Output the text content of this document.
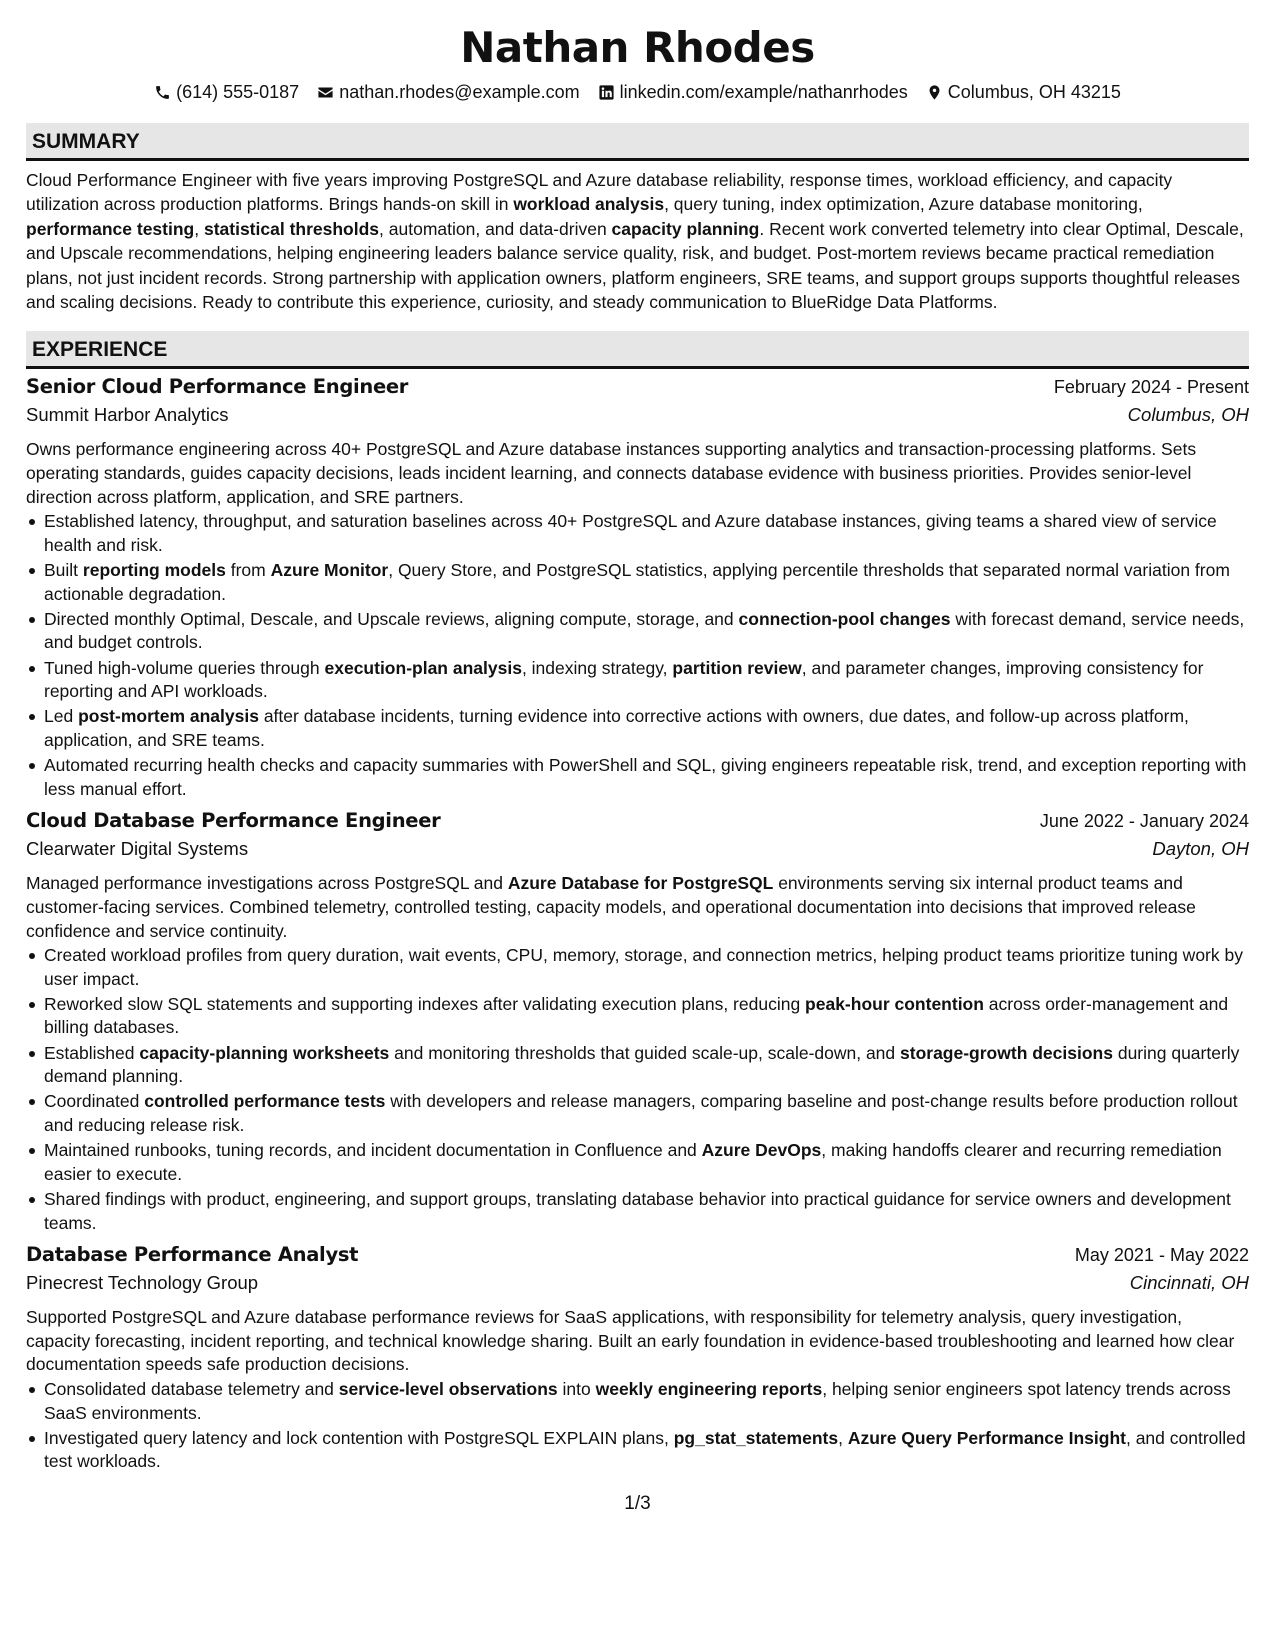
Nathan Rhodes
(614) 555-0187 nathan.rhodes@example.com linkedin.com/example/nathanrhodes Columbus, OH 43215
SUMMARY

Cloud Performance Engineer with five years improving PostgreSQL and Azure database reliability, response times, workload efficiency, and capacity utilization across production platforms. Brings hands-on skill in workload analysis, query tuning, index optimization, Azure database monitoring, performance testing, statistical thresholds, automation, and data-driven capacity planning. Recent work converted telemetry into clear Optimal, Descale, and Upscale recommendations, helping engineering leaders balance service quality, risk, and budget. Post-mortem reviews became practical remediation plans, not just incident records. Strong partnership with application owners, platform engineers, SRE teams, and support groups supports thoughtful releases and scaling decisions. Ready to contribute this experience, curiosity, and steady communication to BlueRidge Data Platforms.

EXPERIENCE
Senior Cloud Performance Engineer	February 2024 - Present
Summit Harbor Analytics	Columbus, OH

Owns performance engineering across 40+ PostgreSQL and Azure database instances supporting analytics and transaction-processing platforms. Sets operating standards, guides capacity decisions, leads incident learning, and connects database evidence with business priorities. Provides senior-level direction across platform, application, and SRE partners.

Established latency, throughput, and saturation baselines across 40+ PostgreSQL and Azure database instances, giving teams a shared view of service health and risk.
Built reporting models from Azure Monitor, Query Store, and PostgreSQL statistics, applying percentile thresholds that separated normal variation from actionable degradation.
Directed monthly Optimal, Descale, and Upscale reviews, aligning compute, storage, and connection-pool changes with forecast demand, service needs, and budget controls.
Tuned high-volume queries through execution-plan analysis, indexing strategy, partition review, and parameter changes, improving consistency for reporting and API workloads.
Led post-mortem analysis after database incidents, turning evidence into corrective actions with owners, due dates, and follow-up across platform, application, and SRE teams.
Automated recurring health checks and capacity summaries with PowerShell and SQL, giving engineers repeatable risk, trend, and exception reporting with less manual effort.
Cloud Database Performance Engineer	June 2022 - January 2024
Clearwater Digital Systems	Dayton, OH

Managed performance investigations across PostgreSQL and Azure Database for PostgreSQL environments serving six internal product teams and customer-facing services. Combined telemetry, controlled testing, capacity models, and operational documentation into decisions that improved release confidence and service continuity.

Created workload profiles from query duration, wait events, CPU, memory, storage, and connection metrics, helping product teams prioritize tuning work by user impact.
Reworked slow SQL statements and supporting indexes after validating execution plans, reducing peak-hour contention across order-management and billing databases.
Established capacity-planning worksheets and monitoring thresholds that guided scale-up, scale-down, and storage-growth decisions during quarterly demand planning.
Coordinated controlled performance tests with developers and release managers, comparing baseline and post-change results before production rollout and reducing release risk.
Maintained runbooks, tuning records, and incident documentation in Confluence and Azure DevOps, making handoffs clearer and recurring remediation easier to execute.
Shared findings with product, engineering, and support groups, translating database behavior into practical guidance for service owners and development teams.
Database Performance Analyst	May 2021 - May 2022
Pinecrest Technology Group	Cincinnati, OH

Supported PostgreSQL and Azure database performance reviews for SaaS applications, with responsibility for telemetry analysis, query investigation, capacity forecasting, incident reporting, and technical knowledge sharing. Built an early foundation in evidence-based troubleshooting and learned how clear documentation speeds safe production decisions.

Consolidated database telemetry and service-level observations into weekly engineering reports, helping senior engineers spot latency trends across SaaS environments.
Investigated query latency and lock contention with PostgreSQL EXPLAIN plans, pg_stat_statements, Azure Query Performance Insight, and controlled test workloads.
1/3
